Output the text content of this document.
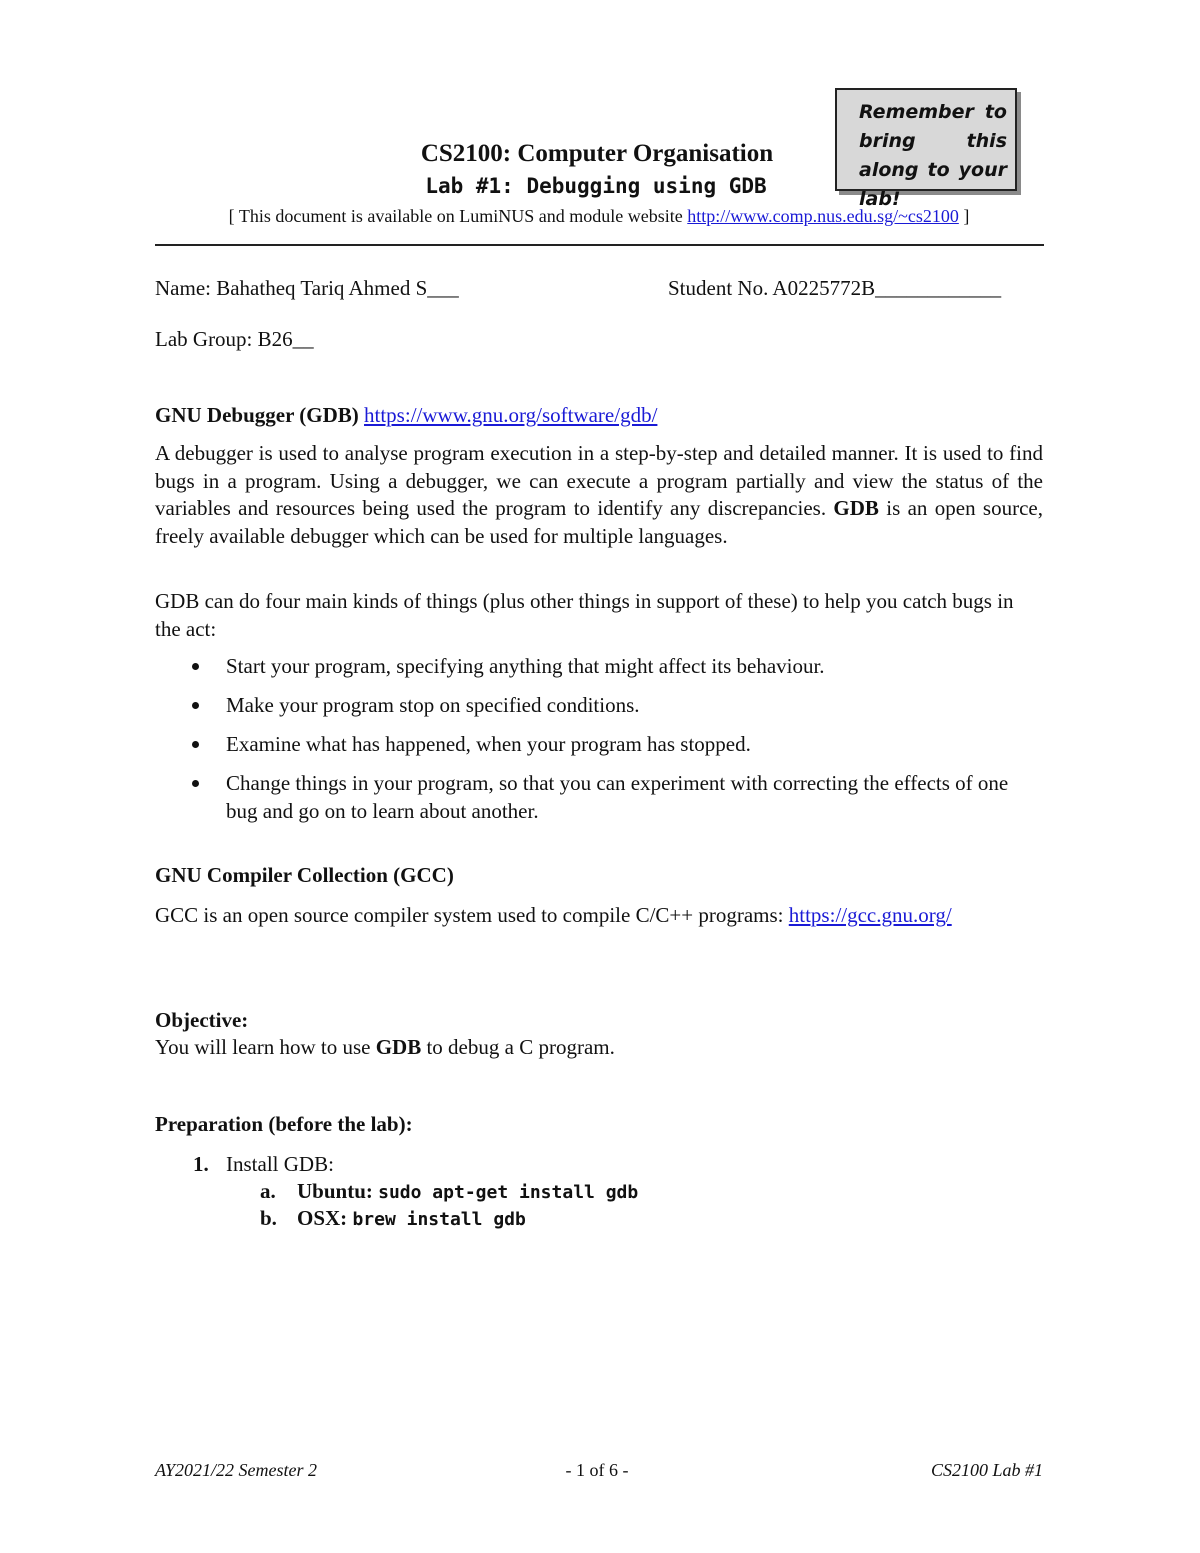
Remember to bring this along to your lab!
CS2100: Computer Organisation
Lab #1: Debugging using GDB
[ This document is available on LumiNUS and module website http://www.comp.nus.edu.sg/~cs2100 ]
Name: Bahatheq Tariq Ahmed S___	Student No. A0225772B____________
Lab Group: B26__
GNU Debugger (GDB) https://www.gnu.org/software/gdb/
A debugger is used to analyse program execution in a step-by-step and detailed manner. It is used to find bugs in a program. Using a debugger, we can execute a program partially and view the status of the variables and resources being used the program to identify any discrepancies. GDB is an open source, freely available debugger which can be used for multiple languages.
GDB can do four main kinds of things (plus other things in support of these) to help you catch bugs in the act:
Start your program, specifying anything that might affect its behaviour.
Make your program stop on specified conditions.
Examine what has happened, when your program has stopped.
Change things in your program, so that you can experiment with correcting the effects of one bug and go on to learn about another.
GNU Compiler Collection (GCC)
GCC is an open source compiler system used to compile C/C++ programs: https://gcc.gnu.org/
Objective:
You will learn how to use GDB to debug a C program.
Preparation (before the lab):
1. Install GDB:
a. Ubuntu: sudo apt-get install gdb
b. OSX: brew install gdb
AY2021/22 Semester 2	- 1 of 6 -	CS2100 Lab #1
